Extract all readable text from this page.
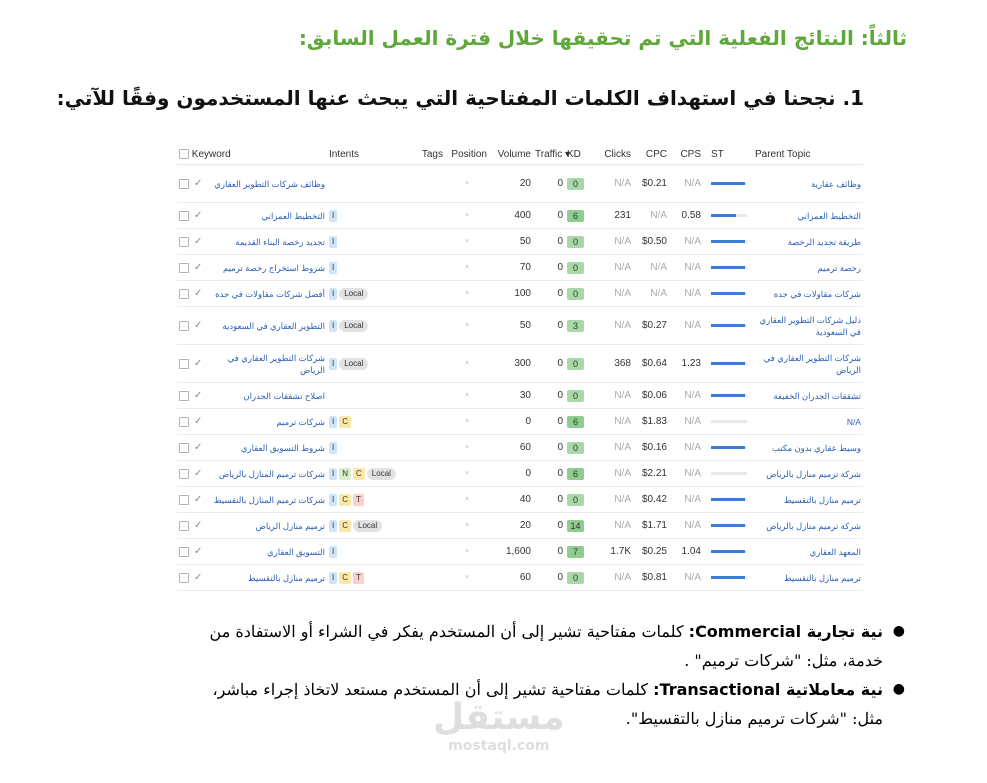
ثالثاً: النتائج الفعلية التي تم تحقيقها خلال فترة العمل السابق:
1. نجحنا في استهداف الكلمات المفتاحية التي يبحث عنها المستخدمون وفقًا للآتي:
Keyword	Intents	Tags	Position	Volume	Traffic ▾	KD	Clicks	CPC	CPS	ST	Parent Topic

✓ وظائف شركات التطوير العقاري			×	20	0	0	N/A	$0.21	N/A		وظائف عقارية

✓ التخطيط العمراني	I		×	400	0	6	231	N/A	0.58		التخطيط العمراني

✓ تجديد رخصة البناء القديمة	I		×	50	0	0	N/A	$0.50	N/A		طريقة تجديد الرخصة

✓ شروط استخراج رخصة ترميم	I		×	70	0	0	N/A	N/A	N/A		رخصة ترميم

✓ أفضل شركات مقاولات في جدة	I Local		×	100	0	0	N/A	N/A	N/A		شركات مقاولات في جدة

✓ التطوير العقاري في السعودية	I Local		×	50	0	3	N/A	$0.27	N/A		دليل شركات التطوير العقاري في السعودية

✓
شركات التطوير العقاري في الرياض	I Local		×	300	0	0	368	$0.64	1.23		شركات التطوير العقاري في الرياض

✓ اصلاح تشققات الجدران			×	30	0	0	N/A	$0.06	N/A		تشققات الجدران الخفيفة

✓ شركات ترميم	I C		×	0	0	6	N/A	$1.83	N/A		N/A

✓ شروط التسويق العقاري	I		×	60	0	0	N/A	$0.16	N/A		وسيط عقاري بدون مكتب

✓ شركات ترميم المنازل بالرياض	I N C Local		×	0	0	6	N/A	$2.21	N/A		شركة ترميم منازل بالرياض

✓ شركات ترميم المنازل بالتقسيط	I C T		×	40	0	0	N/A	$0.42	N/A		ترميم منازل بالتقسيط

✓ ترميم منازل الرياض	I C Local		×	20	0	14	N/A	$1.71	N/A		شركة ترميم منازل بالرياض

✓ التسويق العقاري	I		×	1,600	0	7	1.7K	$0.25	1.04		المعهد العقاري

✓ ترميم منازل بالتقسيط	I C T		×	60	0	0	N/A	$0.81	N/A		ترميم منازل بالتقسيط
●
نية تجارية Commercial: كلمات مفتاحية تشير إلى أن المستخدم يفكر في الشراء أو الاستفادة من خدمة، مثل: "شركات ترميم" .
●
نية معاملاتية Transactional: كلمات مفتاحية تشير إلى أن المستخدم مستعد لاتخاذ إجراء مباشر، مثل: "شركات ترميم منازل بالتقسيط".
مستقل
mostaql.com
